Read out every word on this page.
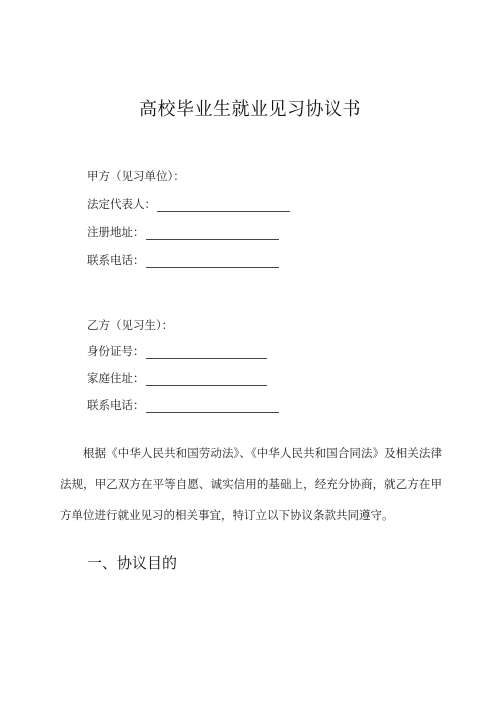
高校毕业生就业见习协议书
甲方（见习单位）：
法定代表人：
注册地址：
联系电话：
乙方（见习生）：
身份证号：
家庭住址：
联系电话：
根据《中华人民共和国劳动法》、《中华人民共和国合同法》及相关法律法规，甲乙双方在平等自愿、诚实信用的基础上，经充分协商，就乙方在甲方单位进行就业见习的相关事宜，特订立以下协议条款共同遵守。
一、协议目的
